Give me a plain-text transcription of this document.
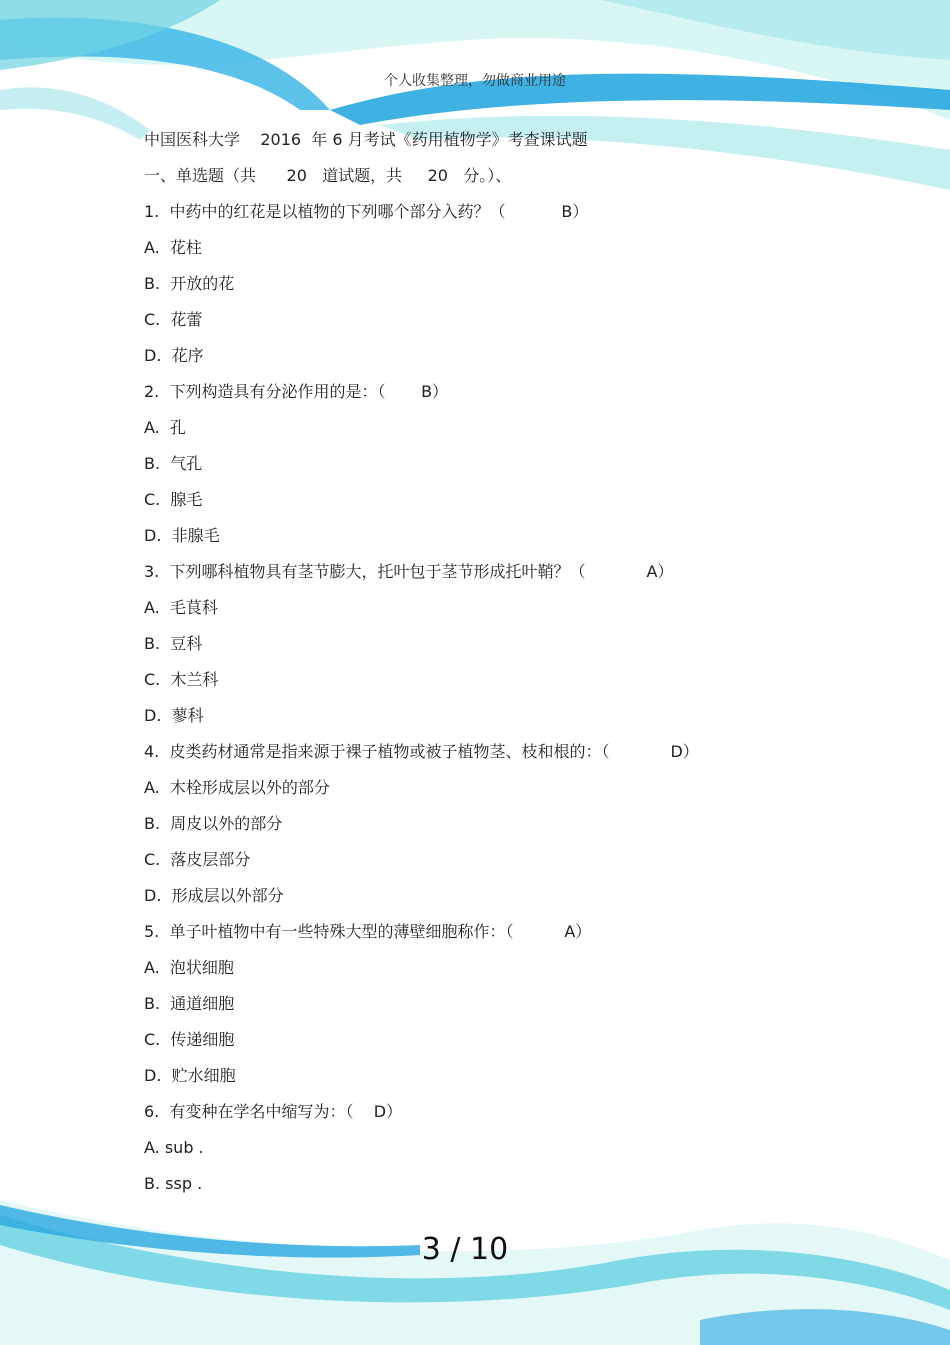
个人收集整理，勿做商业用途
中国医科大学 2016 年 6 月考试《药用植物学》考查课试题
一、单选题（共 20 道试题，共 20 分。）、
1. 中药中的红花是以植物的下列哪个部分入药？（	B）
A.  花柱
B.  开放的花
C.  花蕾
D.  花序
2. 下列构造具有分泌作用的是：（ B）
A.  孔
B.  气孔
C.  腺毛
D.  非腺毛
3. 下列哪科植物具有茎节膨大，托叶包于茎节形成托叶鞘？（	A）
A.  毛茛科
B.  豆科
C.  木兰科
D.  蓼科
4. 皮类药材通常是指来源于裸子植物或被子植物茎、枝和根的：（	D）
A.  木栓形成层以外的部分
B.  周皮以外的部分
C.  落皮层部分
D.  形成层以外部分
5. 单子叶植物中有一些特殊大型的薄壁细胞称作：（	A）
A.  泡状细胞
B.  通道细胞
C.  传递细胞
D.  贮水细胞
6. 有变种在学名中缩写为：（ D）
A. sub .
B. ssp .
3 / 10
